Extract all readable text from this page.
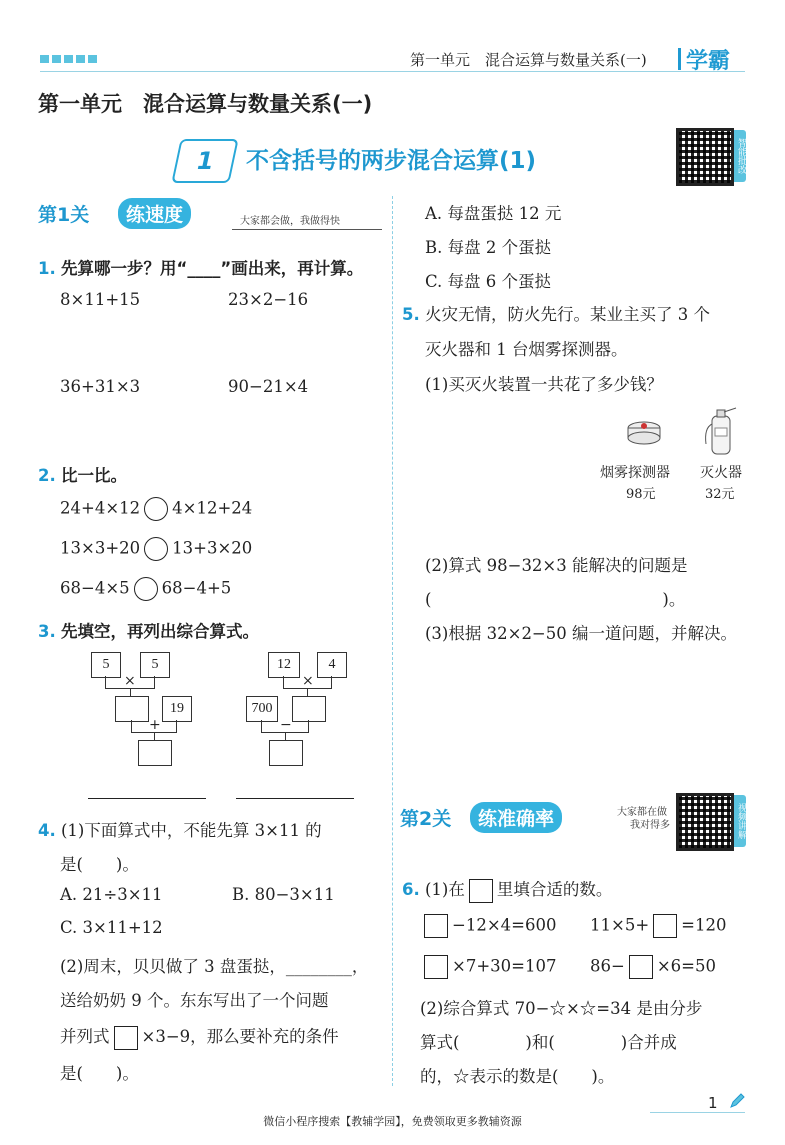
第一单元　混合运算与数量关系(一) 学霸
第一单元　混合运算与数量关系(一)
1	不含括号的两步混合运算(1)	智能批改
第1关	练速度	大家都会做，我做得快
1. 先算哪一步？用“____”画出来，再计算。
8×11+15	23×2−16
36+31×3	90−21×4
2. 比一比。
24+4×12 4×12+24
13×3+20 13+3×20
68−4×5 68−4+5
3. 先填空，再列出综合算式。
5	5
×
19
+
12	4
×
700
−
4. (1)下面算式中，不能先算 3×11 的
是(　　)。
A. 21÷3×11	B. 80−3×11
C. 3×11+12
(2)周末，贝贝做了 3 盘蛋挞，________，
送给奶奶 9 个。东东写出了一个问题
并列式 ×3−9，那么要补充的条件
是(　　)。
A. 每盘蛋挞 12 元
B. 每盘 2 个蛋挞
C. 每盘 6 个蛋挞
5. 火灾无情，防火先行。某业主买了 3 个
灭火器和 1 台烟雾探测器。
(1)买灭火装置一共花了多少钱？
烟雾探测器
98元
灭火器
32元
(2)算式 98−32×3 能解决的问题是
(　　　　　　　　　　　　　　)。
(3)根据 32×2−50 编一道问题，并解决。
第2关	练准确率	大家都在做
我对得多	视频讲解
6. (1)在 里填合适的数。
−12×4=600 11×5+ =120
×7+30=107 86− ×6=50
(2)综合算式 70−☆×☆=34 是由分步
算式(　　　　)和(　　　　)合并成
的，☆表示的数是(　　)。
1
微信小程序搜索【教辅学园】，免费领取更多教辅资源
